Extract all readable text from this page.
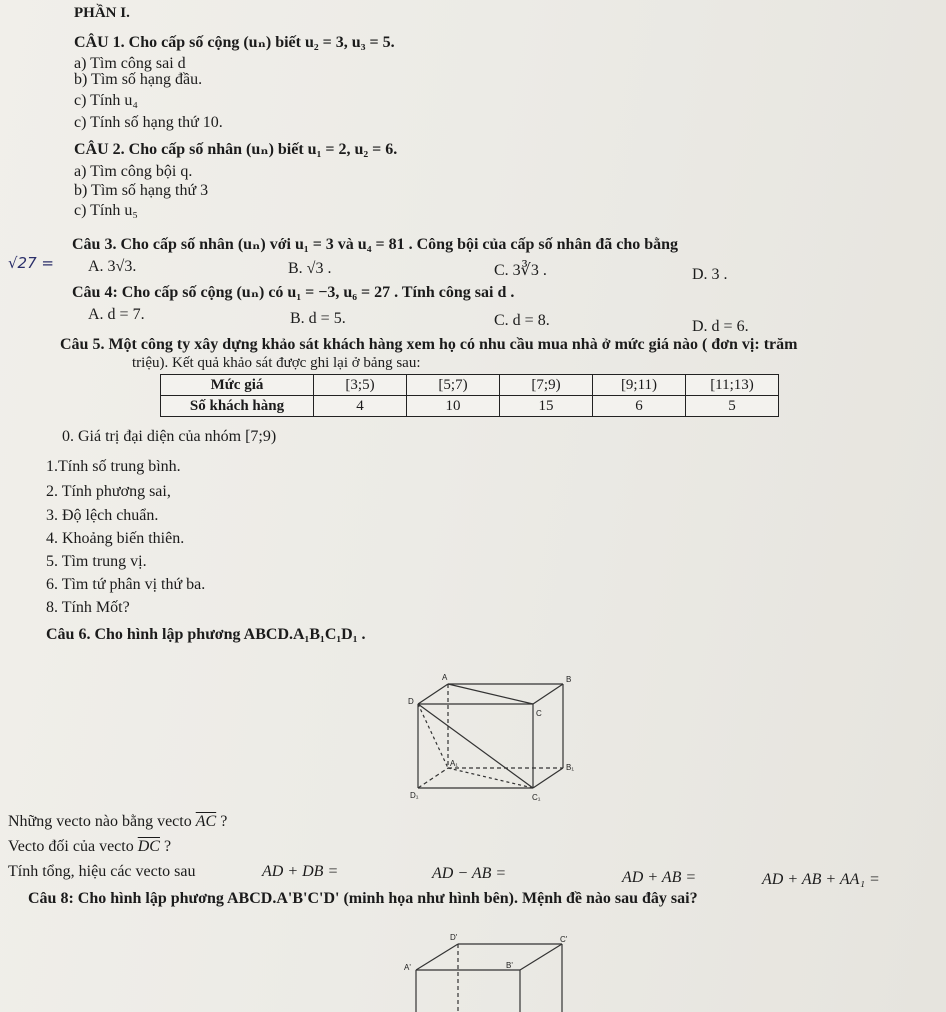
PHẦN I.
CÂU 1. Cho cấp số cộng (uₙ) biết u₂ = 3, u₃ = 5.
a) Tìm công sai d
b) Tìm số hạng đầu.
c) Tính u₄
c) Tính số hạng thứ 10.
CÂU 2. Cho cấp số nhân (uₙ) biết u₁ = 2, u₂ = 6.
a) Tìm công bội q.
b) Tìm số hạng thứ 3
c) Tính u₅
Câu 3. Cho cấp số nhân (uₙ) với u₁ = 3 và u₄ = 81 . Công bội của cấp số nhân đã cho bằng
√27 = A. 3√3.	B. √3 .	C. 3∛3 .	D. 3 .
Câu 4: Cho cấp số cộng (uₙ) có u₁ = −3, u₆ = 27 . Tính công sai d .
A. d = 7.	B. d = 5.	C. d = 8.	D. d = 6.
Câu 5. Một công ty xây dựng khảo sát khách hàng xem họ có nhu cầu mua nhà ở mức giá nào ( đơn vị: trăm
triệu). Kết quả khảo sát được ghi lại ở bảng sau:
Mức giá	[3;5)	[5;7)	[7;9)	[9;11)	[11;13)
Số khách hàng	4	10	15	6	5
0. Giá trị đại diện của nhóm [7;9)
1.Tính số trung bình.
2. Tính phương sai,
3. Độ lệch chuẩn.
4. Khoảng biến thiên.
5. Tìm trung vị.
6. Tìm tứ phân vị thứ ba.
8. Tính Mốt?
Câu 6. Cho hình lập phương ABCD.A₁B₁C₁D₁ .
A	B
D
C
A₁	B₁
D₁	C₁
Những vecto nào bằng vecto $\overline{AC}$ ?
Vecto đối của vecto $\overline{DC}$ ?
Tính tổng, hiệu các vecto sau	AD + DB =	AD − AB =	AD + AB =	AD + AB + AA₁ =
Câu 8: Cho hình lập phương ABCD.A'B'C'D' (minh họa như hình bên). Mệnh đề nào sau đây sai?
D'	C'
A'	B'
